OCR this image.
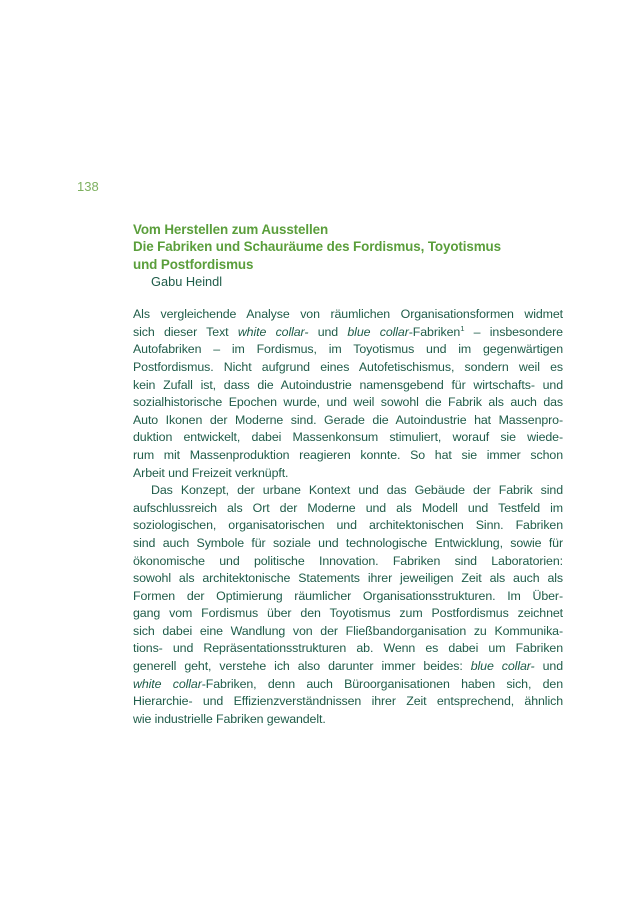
138
Vom Herstellen zum Ausstellen
Die Fabriken und Schauräume des Fordismus, Toyotismus
und Postfordismus
Gabu Heindl

Als vergleichende Analyse von räumlichen Organisationsformen widmet
sich dieser Text white collar- und blue collar-Fabriken$^1$ – insbesondere
Autofabriken – im Fordismus, im Toyotismus und im gegenwärtigen
Postfordismus. Nicht aufgrund eines Autofetischismus, sondern weil es
kein Zufall ist, dass die Autoindustrie namensgebend für wirtschafts- und
sozialhistorische Epochen wurde, und weil sowohl die Fabrik als auch das
Auto Ikonen der Moderne sind. Gerade die Autoindustrie hat Massenpro-
duktion entwickelt, dabei Massenkonsum stimuliert, worauf sie wiede-
rum mit Massenproduktion reagieren konnte. So hat sie immer schon
Arbeit und Freizeit verknüpft.

Das Konzept, der urbane Kontext und das Gebäude der Fabrik sind
aufschlussreich als Ort der Moderne und als Modell und Testfeld im
soziologischen, organisatorischen und architektonischen Sinn. Fabriken
sind auch Symbole für soziale und technologische Entwicklung, sowie für
ökonomische und politische Innovation. Fabriken sind Laboratorien:
sowohl als architektonische Statements ihrer jeweiligen Zeit als auch als
Formen der Optimierung räumlicher Organisationsstrukturen. Im Über-
gang vom Fordismus über den Toyotismus zum Postfordismus zeichnet
sich dabei eine Wandlung von der Fließbandorganisation zu Kommunika-
tions- und Repräsentationsstrukturen ab. Wenn es dabei um Fabriken
generell geht, verstehe ich also darunter immer beides: blue collar- und
white collar-Fabriken, denn auch Büroorganisationen haben sich, den
Hierarchie- und Effizienzverständnissen ihrer Zeit entsprechend, ähnlich
wie industrielle Fabriken gewandelt.
